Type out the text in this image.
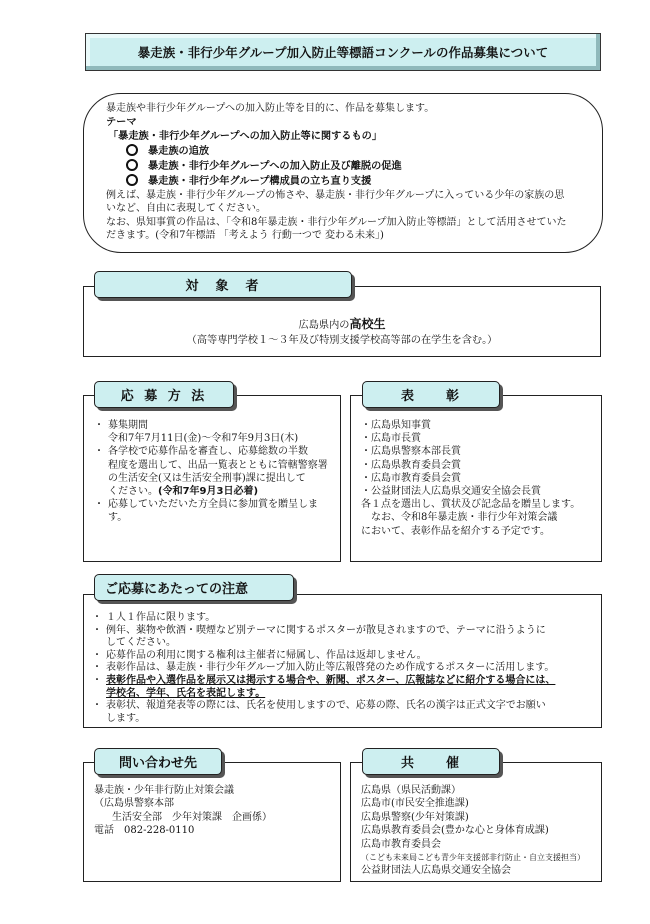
暴走族・非行少年グループ加入防止等標語コンクールの作品募集について
暴走族や非行少年グループへの加入防止等を目的に、作品を募集します。
テーマ
「暴走族・非行少年グループへの加入防止等に関するもの」
暴走族の追放
暴走族・非行少年グループへの加入防止及び離脱の促進
暴走族・非行少年グループ構成員の立ち直り支援
例えば、暴走族・非行少年グループの怖さや、暴走族・非行少年グループに入っている少年の家族の思
いなど、自由に表現してください。
なお、県知事賞の作品は、「令和8年暴走族・非行少年グループ加入防止等標語」として活用させていた
だきます。(令和7年標語 「考えよう 行動一つで 変わる未来」)
広島県内の高校生
（高等専門学校１～３年及び特別支援学校高等部の在学生を含む。）
対　象　者
・ 募集期間
令和7年7月11日(金)～令和7年9月3日(木)
・ 各学校で応募作品を審査し、応募総数の半数
程度を選出して、出品一覧表とともに管轄警察署
の生活安全(又は生活安全刑事)課に提出して
ください。(令和7年9月3日必着)
・ 応募していただいた方全員に参加賞を贈呈しま
す。
応 募 方 法
・広島県知事賞
・広島市長賞
・広島県警察本部長賞
・広島県教育委員会賞
・広島市教育委員会賞
・公益財団法人広島県交通安全協会長賞
各１点を選出し、賞状及び記念品を贈呈します。
なお、令和8年暴走族・非行少年対策会議
において、表彰作品を紹介する予定です。
表　　彰
・ １人１作品に限ります。
・ 例年、薬物や飲酒・喫煙など別テーマに関するポスターが散見されますので、テーマに沿うように
してください。
・ 応募作品の利用に関する権利は主催者に帰属し、作品は返却しません。
・ 表彰作品は、暴走族・非行少年グループ加入防止等広報啓発のため作成するポスターに活用します。
・ 表彰作品や入選作品を展示又は掲示する場合や、新聞、ポスター、広報誌などに紹介する場合には、
学校名、学年、氏名を表記します。
・ 表彰状、報道発表等の際には、氏名を使用しますので、応募の際、氏名の漢字は正式文字でお願い
します。
ご応募にあたっての注意
暴走族・少年非行防止対策会議
（広島県警察本部
生活安全部　少年対策課　企画係）
電話　082-228-0110
問い合わせ先
広島県（県民活動課）
広島市(市民安全推進課)
広島県警察(少年対策課)
広島県教育委員会(豊かな心と身体育成課)
広島市教育委員会
（こども未来局こども青少年支援部非行防止・自立支援担当）
公益財団法人広島県交通安全協会
共　　催
